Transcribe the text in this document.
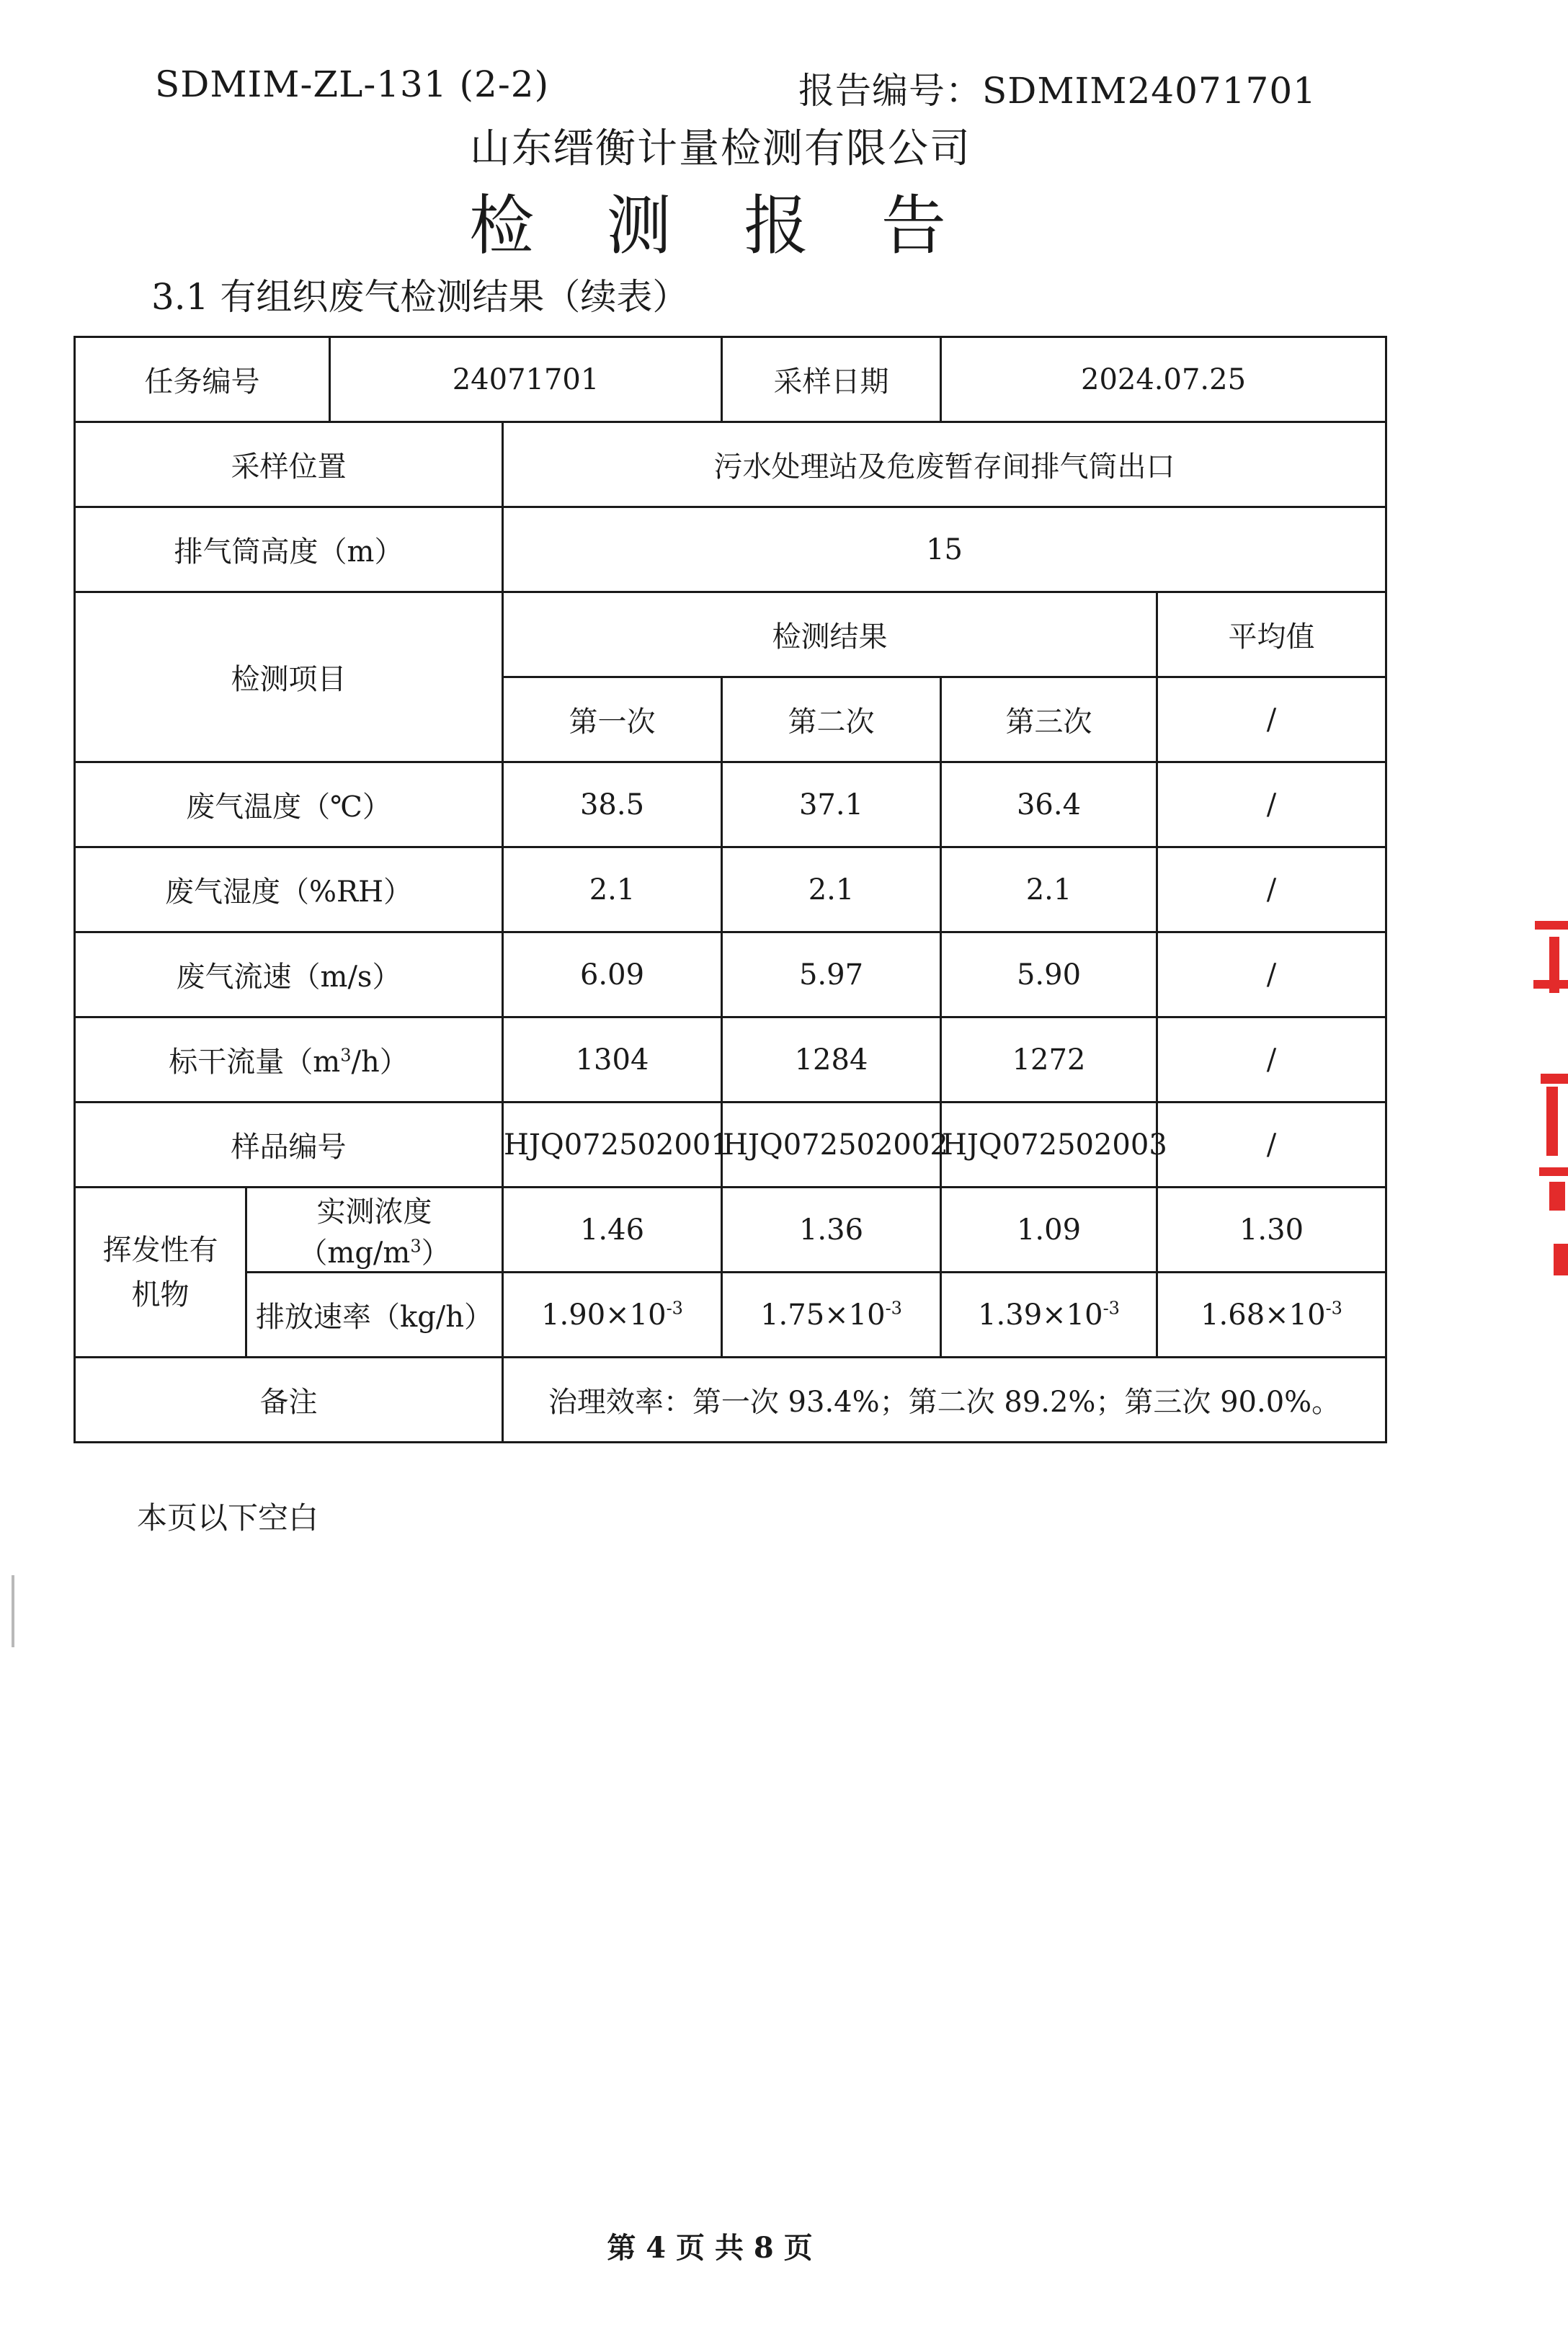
SDMIM-ZL-131 (2-2)	报告编号：SDMIM24071701
山东缙衡计量检测有限公司
检 测 报 告
3.1 有组织废气检测结果（续表）
任务编号		24071701		采样日期	2024.07.25	
采样位置			污水处理站及危废暂存间排气筒出口			
排气筒高度（m）			15			
检测项目			检测结果			平均值
			第一次	第二次	第三次	/
废气温度（℃）			38.5	37.1	36.4	/
废气湿度（%RH）			2.1	2.1	2.1	/
废气流速（m/s）			6.09	5.97	5.90	/
标干流量$(m^3/h)$			1304	1284	1272	/
样品编号			HJQ072502001	HJQ072502002	HJQ072502003	/
挥发性有
机物	实测浓度$(mg/m^3)$		1.46	1.36	1.09	1.30
	排放速率（kg/h）		$1.90\times 10^{-3}$	$1.75\times 10^{-3}$	$1.39\times 10^{-3}$	$1.68\times 10^{-3}$
备注			治理效率：第一次 93.4%；第二次 89.2%；第三次 90.0%。			
本页以下空白
第 4 页 共 8 页
